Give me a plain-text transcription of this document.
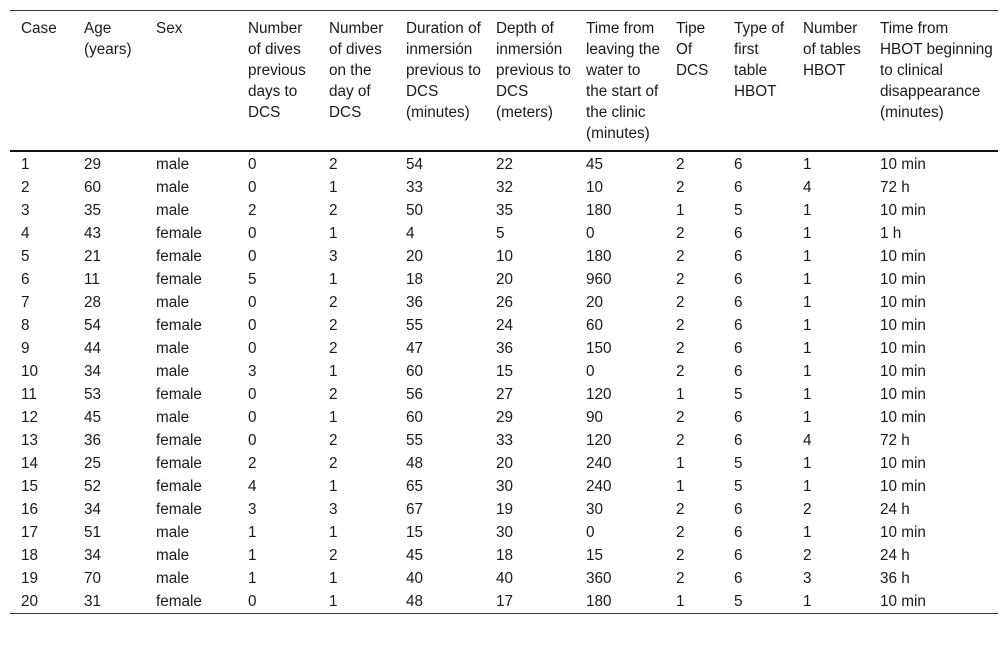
Case	Age (years)	Sex	Number of dives previous days to DCS	Number of dives on the day of DCS	Duration of inmersión previous to DCS (minutes)	Depth of inmersión previous to DCS (meters)	Time from leaving the water to the start of the clinic (minutes)	Tipe Of DCS	Type of first table HBOT	Number of tables HBOT	Time from HBOT beginning to clinical disappearance (minutes)
1	29	male	0	2	54	22	45	2	6	1	10 min
2	60	male	0	1	33	32	10	2	6	4	72 h
3	35	male	2	2	50	35	180	1	5	1	10 min
4	43	female	0	1	4	5	0	2	6	1	1 h
5	21	female	0	3	20	10	180	2	6	1	10 min
6	11	female	5	1	18	20	960	2	6	1	10 min
7	28	male	0	2	36	26	20	2	6	1	10 min
8	54	female	0	2	55	24	60	2	6	1	10 min
9	44	male	0	2	47	36	150	2	6	1	10 min
10	34	male	3	1	60	15	0	2	6	1	10 min
11	53	female	0	2	56	27	120	1	5	1	10 min
12	45	male	0	1	60	29	90	2	6	1	10 min
13	36	female	0	2	55	33	120	2	6	4	72 h
14	25	female	2	2	48	20	240	1	5	1	10 min
15	52	female	4	1	65	30	240	1	5	1	10 min
16	34	female	3	3	67	19	30	2	6	2	24 h
17	51	male	1	1	15	30	0	2	6	1	10 min
18	34	male	1	2	45	18	15	2	6	2	24 h
19	70	male	1	1	40	40	360	2	6	3	36 h
20	31	female	0	1	48	17	180	1	5	1	10 min
